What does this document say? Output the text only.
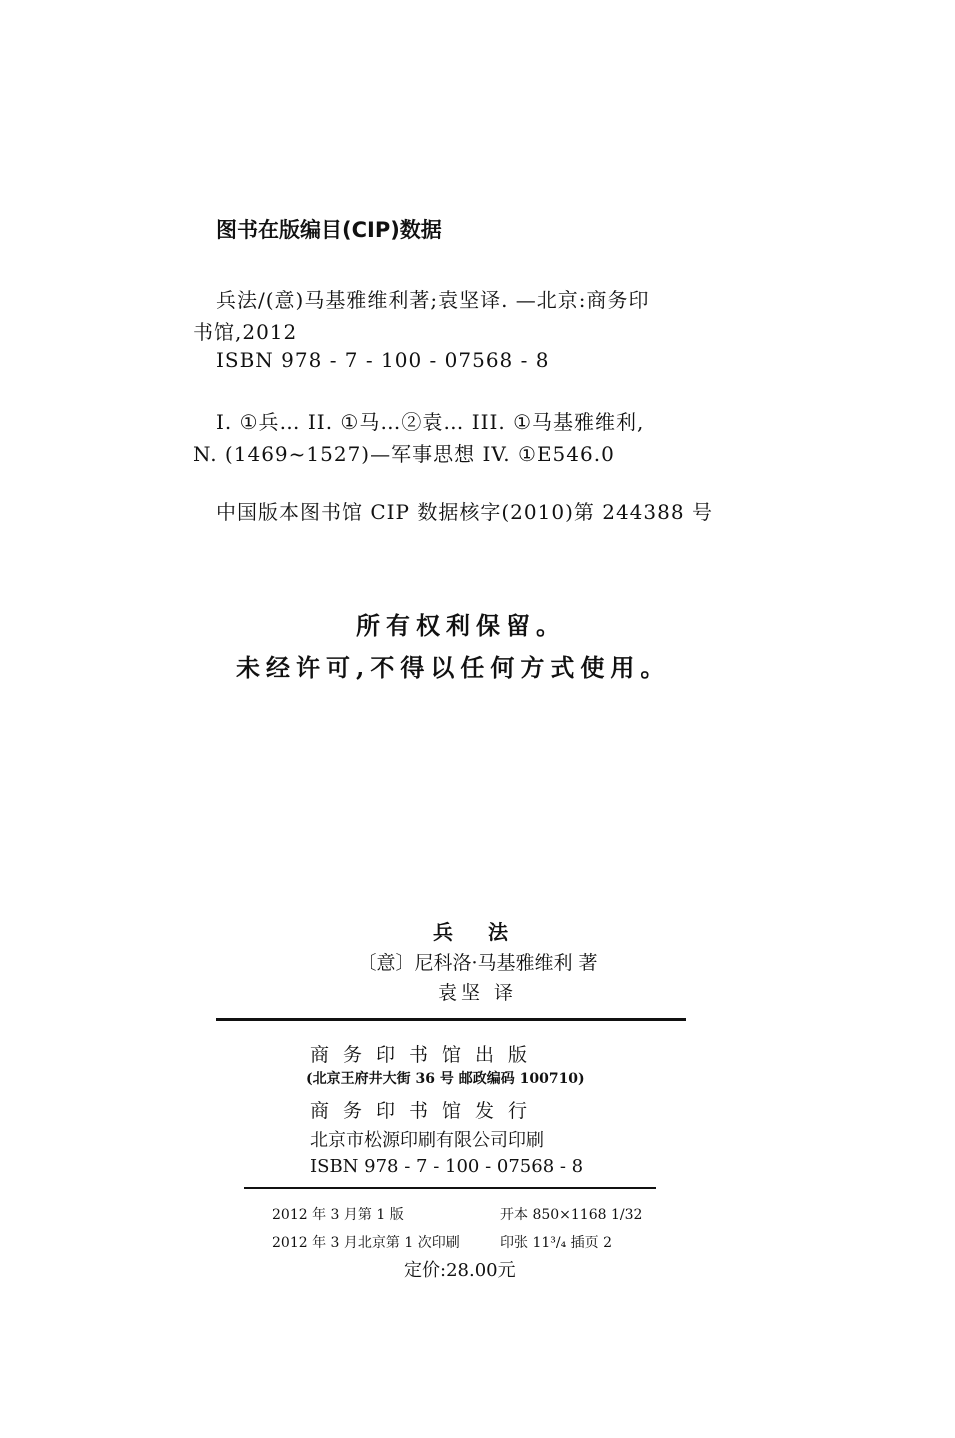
图书在版编目(CIP)数据
兵法/(意)马基雅维利著;袁坚译. —北京:商务印
书馆,2012
ISBN 978 - 7 - 100 - 07568 - 8
I. ①兵… II. ①马…②袁… III. ①马基雅维利,
N. (1469~1527)—军事思想 IV. ①E546.0
中国版本图书馆 CIP 数据核字(2010)第 244388 号
所有权利保留。
未经许可,不得以任何方式使用。
兵 法
〔意〕尼科洛·马基雅维利 著
袁坚 译
商务印书馆出版
(北京王府井大街 36 号 邮政编码 100710)
商务印书馆发行
北京市松源印刷有限公司印刷
ISBN 978 - 7 - 100 - 07568 - 8
2012 年 3 月第 1 版	开本 850×1168 1/32
2012 年 3 月北京第 1 次印刷	印张 11³/₄ 插页 2
定价:28.00元
